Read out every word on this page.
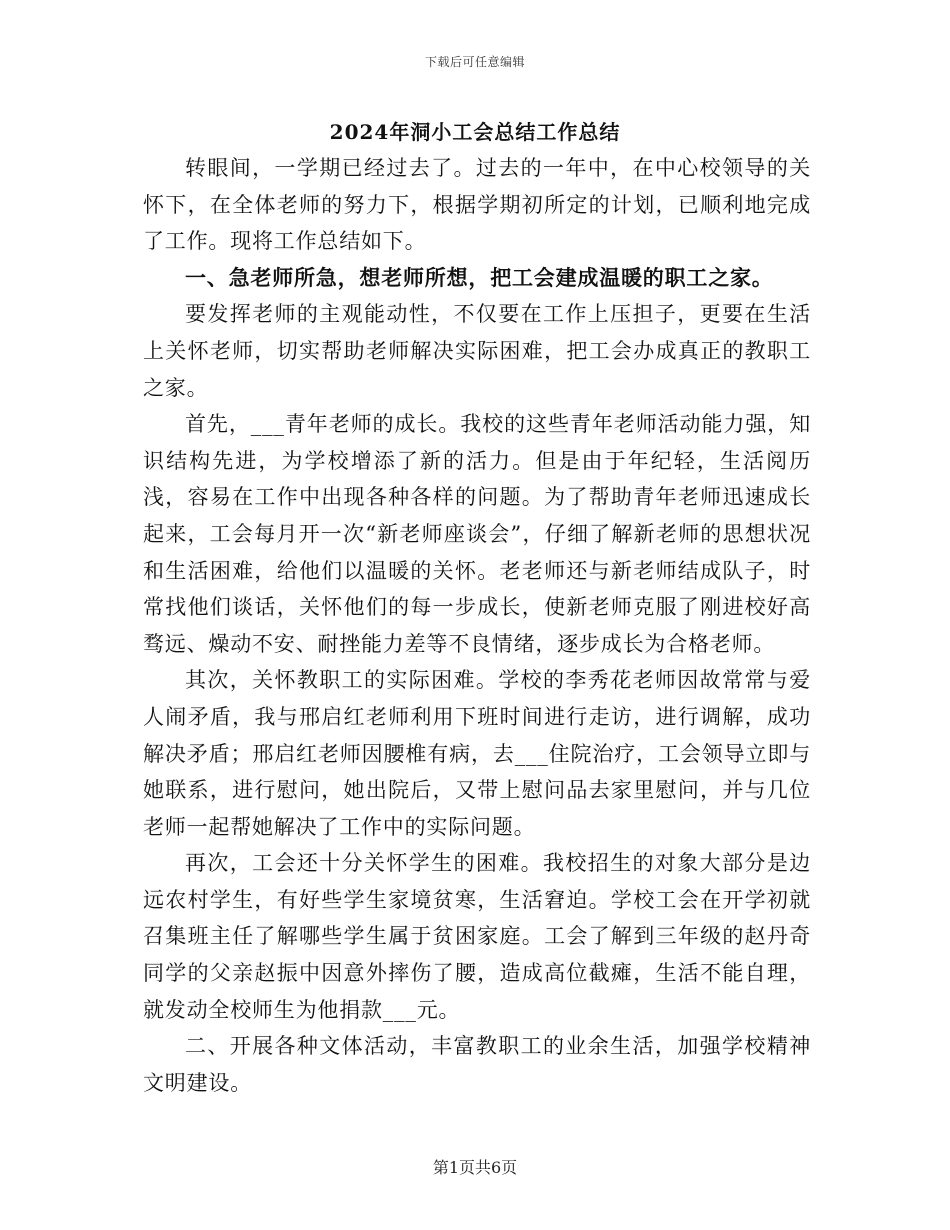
下载后可任意编辑
2024年洞小工会总结工作总结

转眼间，一学期已经过去了。过去的一年中，在中心校领导的关怀下，在全体老师的努力下，根据学期初所定的计划，已顺利地完成了工作。现将工作总结如下。

一、急老师所急，想老师所想，把工会建成温暖的职工之家。

要发挥老师的主观能动性，不仅要在工作上压担子，更要在生活上关怀老师，切实帮助老师解决实际困难，把工会办成真正的教职工之家。

首先，___青年老师的成长。我校的这些青年老师活动能力强，知识结构先进，为学校增添了新的活力。但是由于年纪轻，生活阅历浅，容易在工作中出现各种各样的问题。为了帮助青年老师迅速成长起来，工会每月开一次“新老师座谈会”，仔细了解新老师的思想状况和生活困难，给他们以温暖的关怀。老老师还与新老师结成队子，时常找他们谈话，关怀他们的每一步成长，使新老师克服了刚进校好高骛远、燥动不安、耐挫能力差等不良情绪，逐步成长为合格老师。

其次，关怀教职工的实际困难。学校的李秀花老师因故常常与爱人闹矛盾，我与邢启红老师利用下班时间进行走访，进行调解，成功解决矛盾；邢启红老师因腰椎有病，去___住院治疗，工会领导立即与她联系，进行慰问，她出院后，又带上慰问品去家里慰问，并与几位老师一起帮她解决了工作中的实际问题。

再次，工会还十分关怀学生的困难。我校招生的对象大部分是边远农村学生，有好些学生家境贫寒，生活窘迫。学校工会在开学初就召集班主任了解哪些学生属于贫困家庭。工会了解到三年级的赵丹奇同学的父亲赵振中因意外摔伤了腰，造成高位截瘫，生活不能自理，就发动全校师生为他捐款___元。

二、开展各种文体活动，丰富教职工的业余生活，加强学校精神文明建设。

第1页共6页
